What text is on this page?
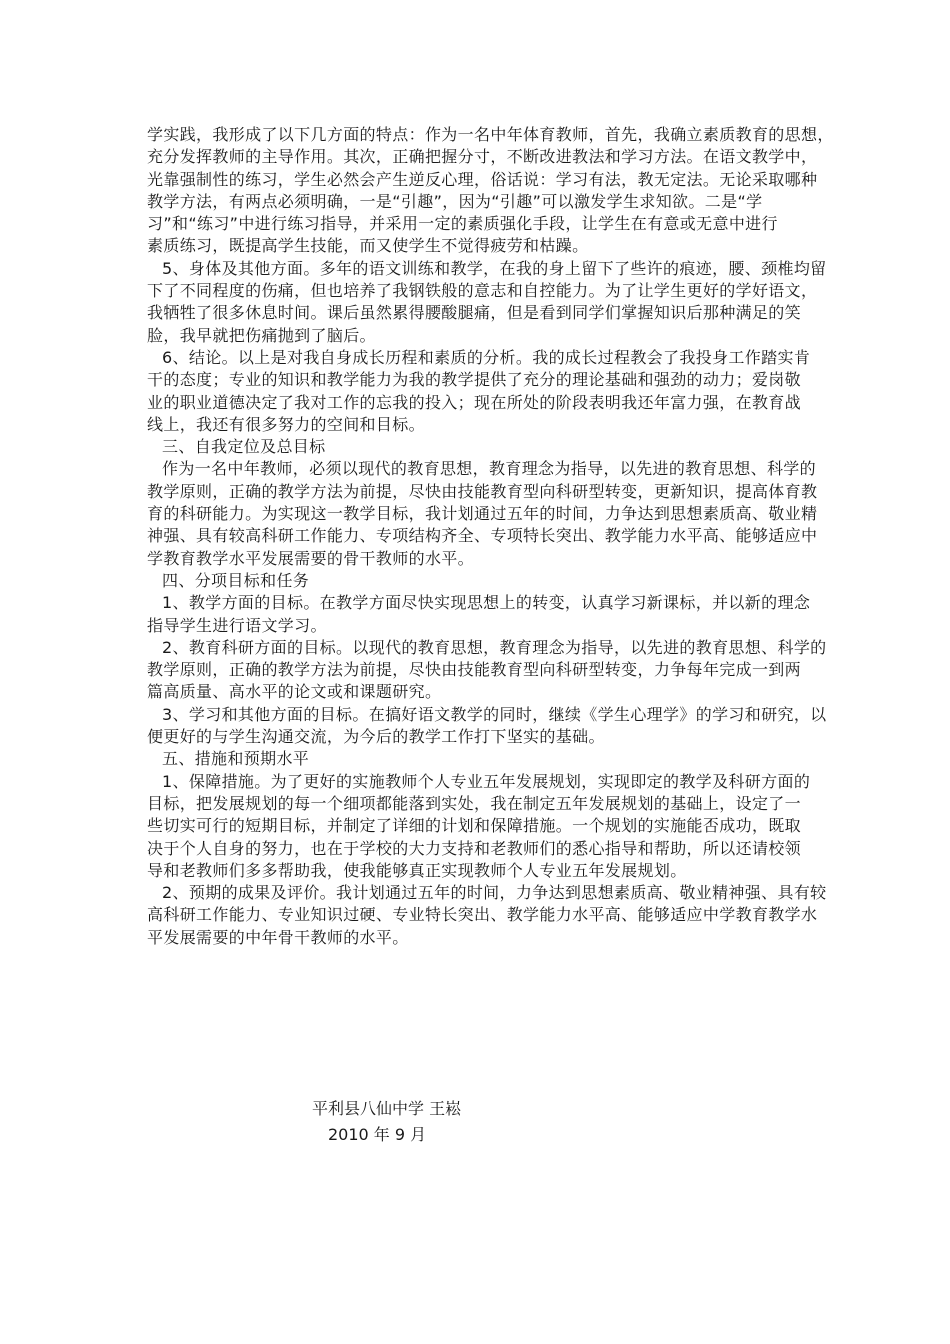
学实践，我形成了以下几方面的特点：作为一名中年体育教师，首先，我确立素质教育的思想，
充分发挥教师的主导作用。其次，正确把握分寸，不断改进教法和学习方法。在语文教学中，
光靠强制性的练习，学生必然会产生逆反心理，俗话说：学习有法，教无定法。无论采取哪种
教学方法，有两点必须明确，一是“引趣”，因为“引趣”可以激发学生求知欲。二是“学
习”和“练习”中进行练习指导，并采用一定的素质强化手段，让学生在有意或无意中进行
素质练习，既提高学生技能，而又使学生不觉得疲劳和枯躁。
5、身体及其他方面。多年的语文训练和教学，在我的身上留下了些许的痕迹，腰、颈椎均留
下了不同程度的伤痛，但也培养了我钢铁般的意志和自控能力。为了让学生更好的学好语文，
我牺牲了很多休息时间。课后虽然累得腰酸腿痛，但是看到同学们掌握知识后那种满足的笑
脸，我早就把伤痛抛到了脑后。
6、结论。以上是对我自身成长历程和素质的分析。我的成长过程教会了我投身工作踏实肯
干的态度；专业的知识和教学能力为我的教学提供了充分的理论基础和强劲的动力；爱岗敬
业的职业道德决定了我对工作的忘我的投入；现在所处的阶段表明我还年富力强，在教育战
线上，我还有很多努力的空间和目标。
三、自我定位及总目标
作为一名中年教师，必须以现代的教育思想，教育理念为指导，以先进的教育思想、科学的
教学原则，正确的教学方法为前提，尽快由技能教育型向科研型转变，更新知识，提高体育教
育的科研能力。为实现这一教学目标，我计划通过五年的时间，力争达到思想素质高、敬业精
神强、具有较高科研工作能力、专项结构齐全、专项特长突出、教学能力水平高、能够适应中
学教育教学水平发展需要的骨干教师的水平。
四、分项目标和任务
1、教学方面的目标。在教学方面尽快实现思想上的转变，认真学习新课标，并以新的理念
指导学生进行语文学习。
2、教育科研方面的目标。以现代的教育思想，教育理念为指导，以先进的教育思想、科学的
教学原则，正确的教学方法为前提，尽快由技能教育型向科研型转变，力争每年完成一到两
篇高质量、高水平的论文或和课题研究。
3、学习和其他方面的目标。在搞好语文教学的同时，继续《学生心理学》的学习和研究，以
便更好的与学生沟通交流，为今后的教学工作打下坚实的基础。
五、措施和预期水平
1、保障措施。为了更好的实施教师个人专业五年发展规划，实现即定的教学及科研方面的
目标，把发展规划的每一个细项都能落到实处，我在制定五年发展规划的基础上，设定了一
些切实可行的短期目标，并制定了详细的计划和保障措施。一个规划的实施能否成功，既取
决于个人自身的努力，也在于学校的大力支持和老教师们的悉心指导和帮助，所以还请校领
导和老教师们多多帮助我，使我能够真正实现教师个人专业五年发展规划。
2、预期的成果及评价。我计划通过五年的时间，力争达到思想素质高、敬业精神强、具有较
高科研工作能力、专业知识过硬、专业特长突出、教学能力水平高、能够适应中学教育教学水
平发展需要的中年骨干教师的水平。
平利县八仙中学 王崧
2010 年 9 月
